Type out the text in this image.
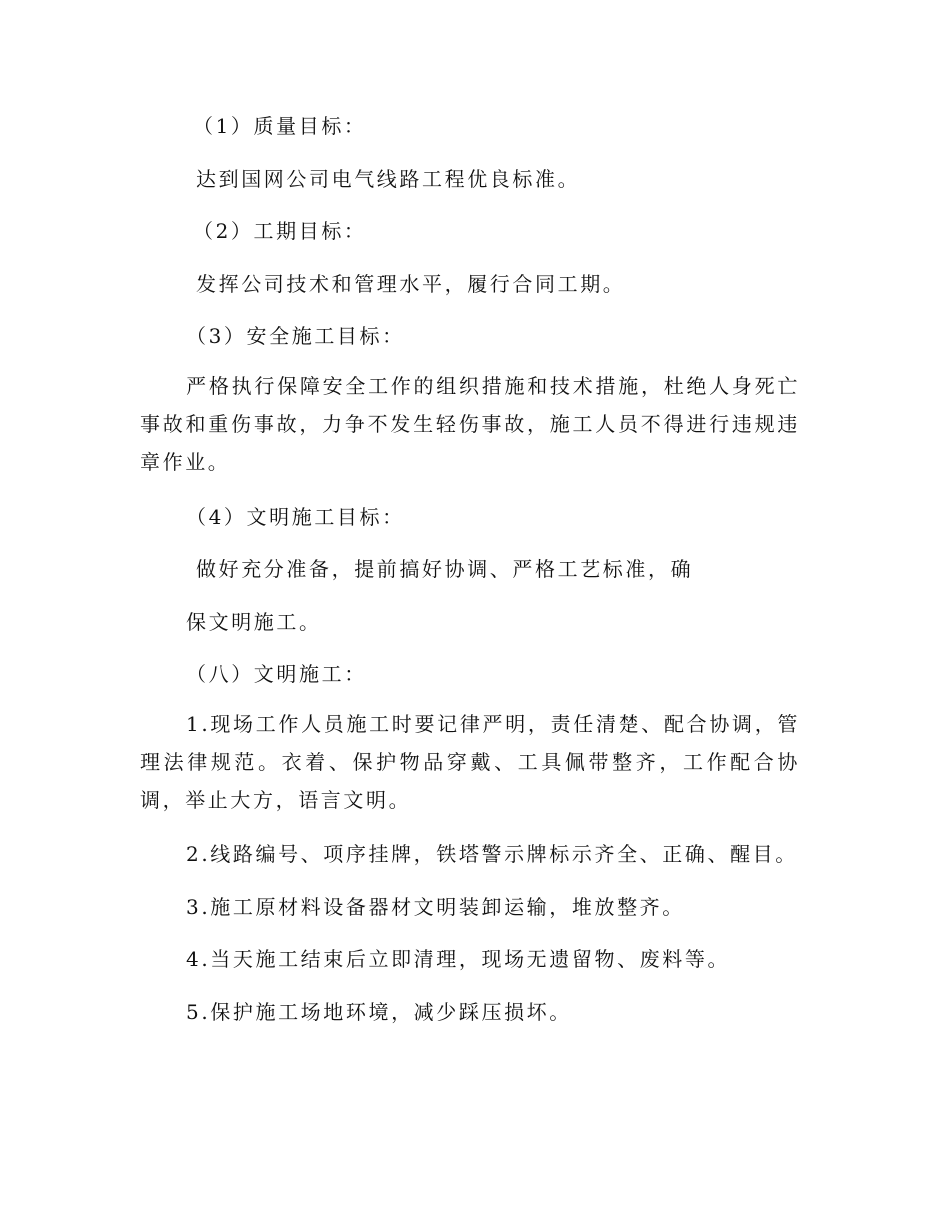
（1）质量目标：
达到国网公司电气线路工程优良标准。
（2）工期目标：
发挥公司技术和管理水平，履行合同工期。
（3）安全施工目标：
严格执行保障安全工作的组织措施和技术措施，杜绝人身死亡事故和重伤事故，力争不发生轻伤事故，施工人员不得进行违规违章作业。
（4）文明施工目标：
做好充分准备，提前搞好协调、严格工艺标准，确
保文明施工。
（八）文明施工：
1.现场工作人员施工时要记律严明，责任清楚、配合协调，管理法律规范。衣着、保护物品穿戴、工具佩带整齐，工作配合协调，举止大方，语言文明。
2.线路编号、项序挂牌，铁塔警示牌标示齐全、正确、醒目。
3.施工原材料设备器材文明装卸运输，堆放整齐。
4.当天施工结束后立即清理，现场无遗留物、废料等。
5.保护施工场地环境，减少踩压损坏。
